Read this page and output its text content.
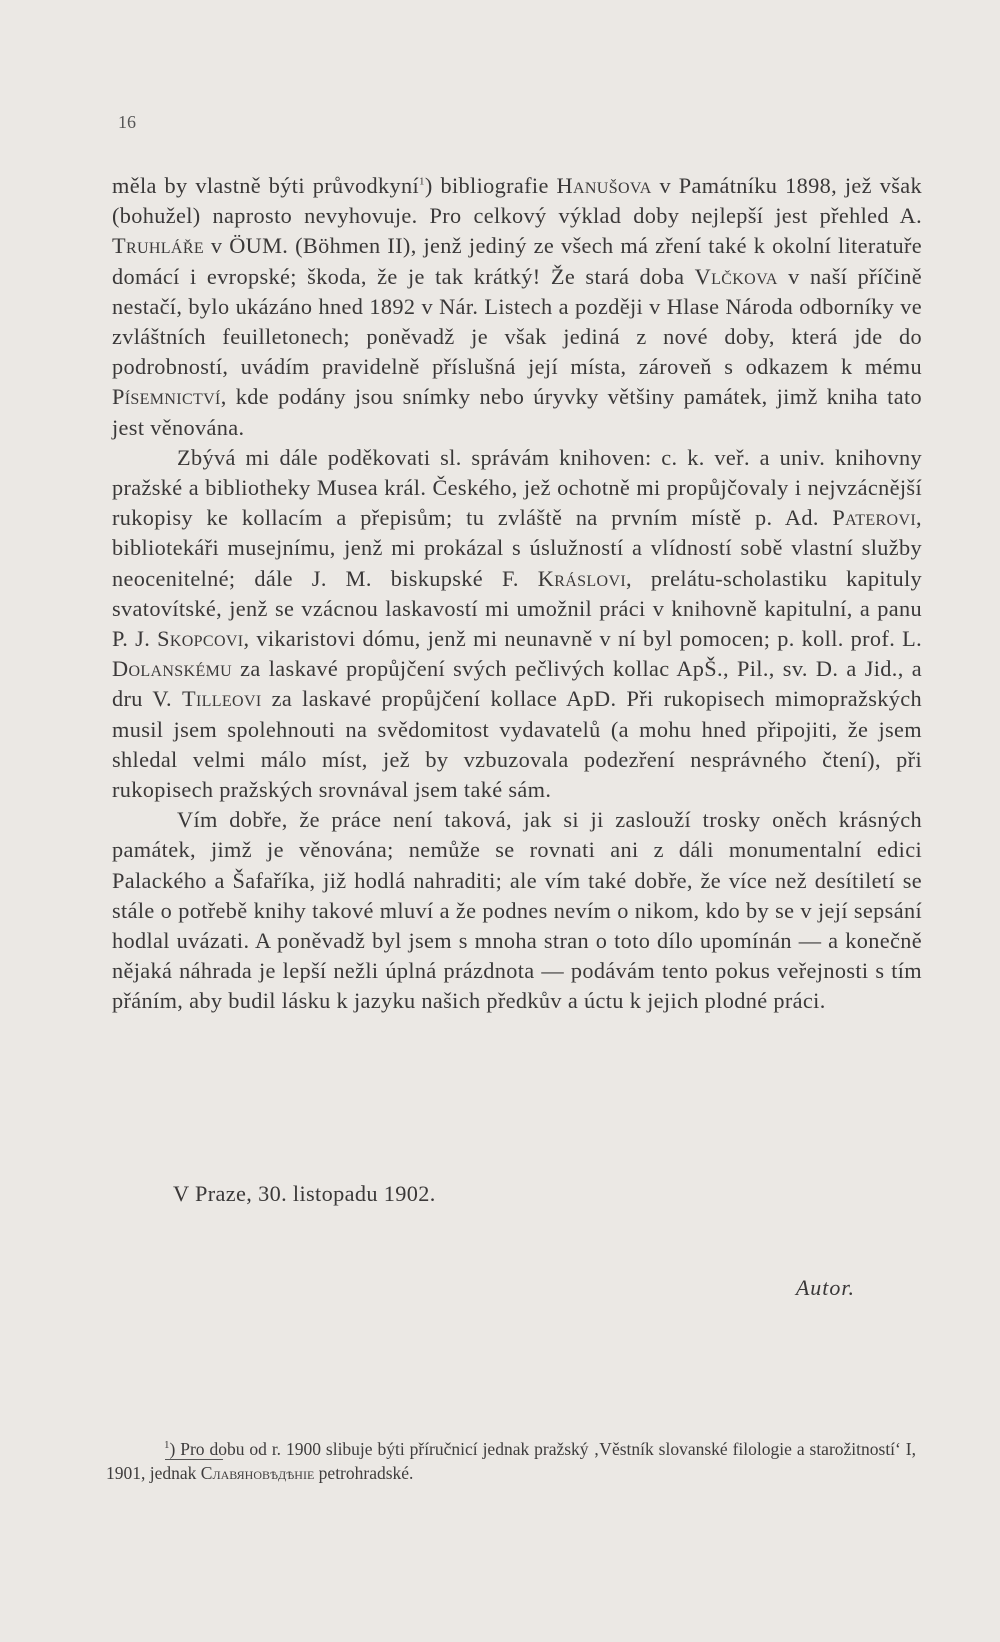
16

měla by vlastně býti průvodkyní$^1$) bibliografie Hanušova v Památníku 1898, jež však (bohužel) naprosto nevyhovuje. Pro celkový výklad doby nejlepší jest přehled A. Truhláře v ÖUM. (Böhmen II), jenž jediný ze všech má zření také k okolní literatuře domácí i evropské; škoda, že je tak krátký! Že stará doba Vlčkova v naší příčině nestačí, bylo ukázáno hned 1892 v Nár. Listech a později v Hlase Národa odborníky ve zvláštních feuilletonech; poněvadž je však jediná z nové doby, která jde do podrobností, uvádím pravidelně příslušná její místa, zároveň s odkazem k mému Písemnictví, kde podány jsou snímky nebo úryvky většiny památek, jimž kniha tato jest věnována.

Zbývá mi dále poděkovati sl. správám knihoven: c. k. veř. a univ. knihovny pražské a bibliotheky Musea král. Českého, jež ochotně mi propůjčovaly i nejvzácnější rukopisy ke kollacím a přepisům; tu zvláště na prvním místě p. Ad. Paterovi, bibliotekáři musejnímu, jenž mi prokázal s úslužností a vlídností sobě vlastní služby neocenitelné; dále J. M. biskupské F. Kráslovi, prelátu-scholastiku kapituly svatovítské, jenž se vzácnou laskavostí mi umožnil práci v knihovně kapitulní, a panu P. J. Skopcovi, vikaristovi dómu, jenž mi neunavně v ní byl pomocen; p. koll. prof. L. Dolanskému za laskavé propůjčení svých pečlivých kollac ApŠ., Pil., sv. D. a Jid., a dru V. Tilleovi za laskavé propůjčení kollace ApD. Při rukopisech mimopražských musil jsem spolehnouti na svědomitost vydavatelů (a mohu hned připojiti, že jsem shledal velmi málo míst, jež by vzbuzovala podezření nesprávného čtení), při rukopisech pražských srovnával jsem také sám.

Vím dobře, že práce není taková, jak si ji zaslouží trosky oněch krásných památek, jimž je věnována; nemůže se rovnati ani z dáli monumentalní edici Palackého a Šafaříka, již hodlá nahraditi; ale vím také dobře, že více než desítiletí se stále o potřebě knihy takové mluví a že podnes nevím o nikom, kdo by se v její sepsání hodlal uvázati. A poněvadž byl jsem s mnoha stran o toto dílo upomínán — a konečně nějaká náhrada je lepší nežli úplná prázdnota — podávám tento pokus veřejnosti s tím přáním, aby budil lásku k jazyku našich předkův a úctu k jejich plodné práci.

V Praze, 30. listopadu 1902.
Autor.
$^1$) Pro dobu od r. 1900 slibuje býti příručnicí jednak pražský ‚Věstník slovanské filologie a starožitností‘ I, 1901, jednak Славяновѣдѣніе petrohradské.
